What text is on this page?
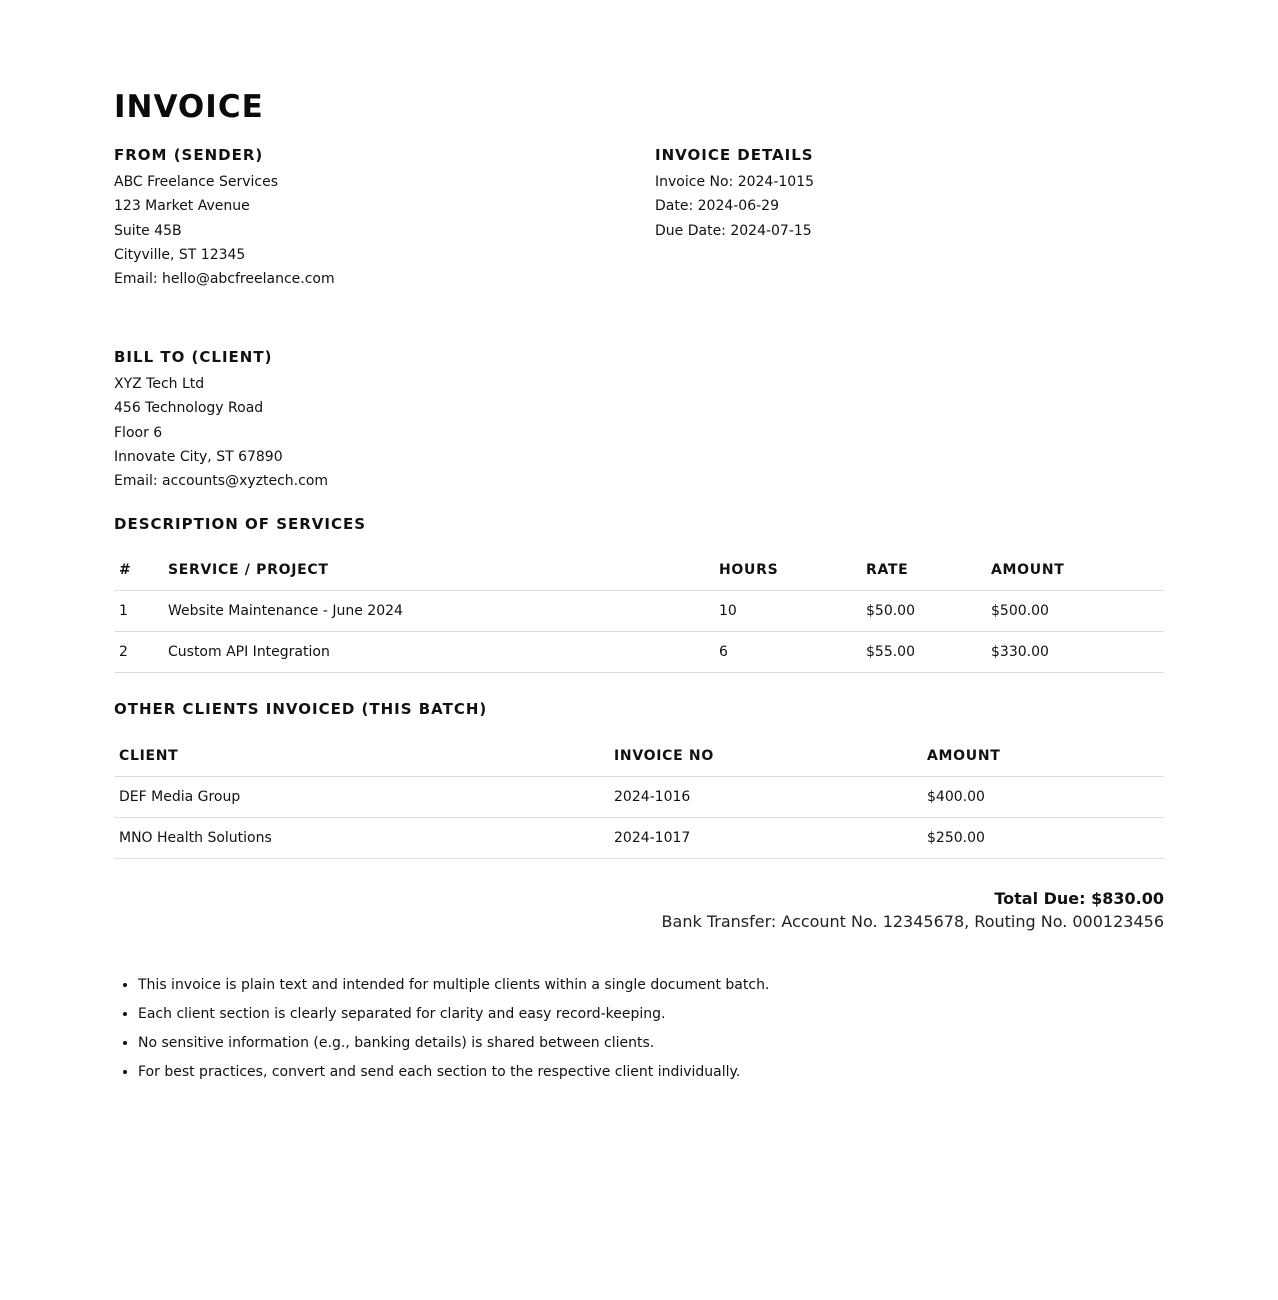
INVOICE
FROM (SENDER)
ABC Freelance Services
123 Market Avenue
Suite 45B
Cityville, ST 12345
Email: hello@abcfreelance.com
INVOICE DETAILS
Invoice No: 2024-1015
Date: 2024-06-29
Due Date: 2024-07-15
BILL TO (CLIENT)
XYZ Tech Ltd
456 Technology Road
Floor 6
Innovate City, ST 67890
Email: accounts@xyztech.com
DESCRIPTION OF SERVICES
#	SERVICE / PROJECT	HOURS	RATE	AMOUNT
1	Website Maintenance - June 2024	10	$50.00	$500.00
2	Custom API Integration	6	$55.00	$330.00
OTHER CLIENTS INVOICED (THIS BATCH)
CLIENT	INVOICE NO	AMOUNT
DEF Media Group	2024-1016	$400.00
MNO Health Solutions	2024-1017	$250.00
Total Due: $830.00
Bank Transfer: Account No. 12345678, Routing No. 000123456
• This invoice is plain text and intended for multiple clients within a single document batch.
• Each client section is clearly separated for clarity and easy record-keeping.
• No sensitive information (e.g., banking details) is shared between clients.
• For best practices, convert and send each section to the respective client individually.
